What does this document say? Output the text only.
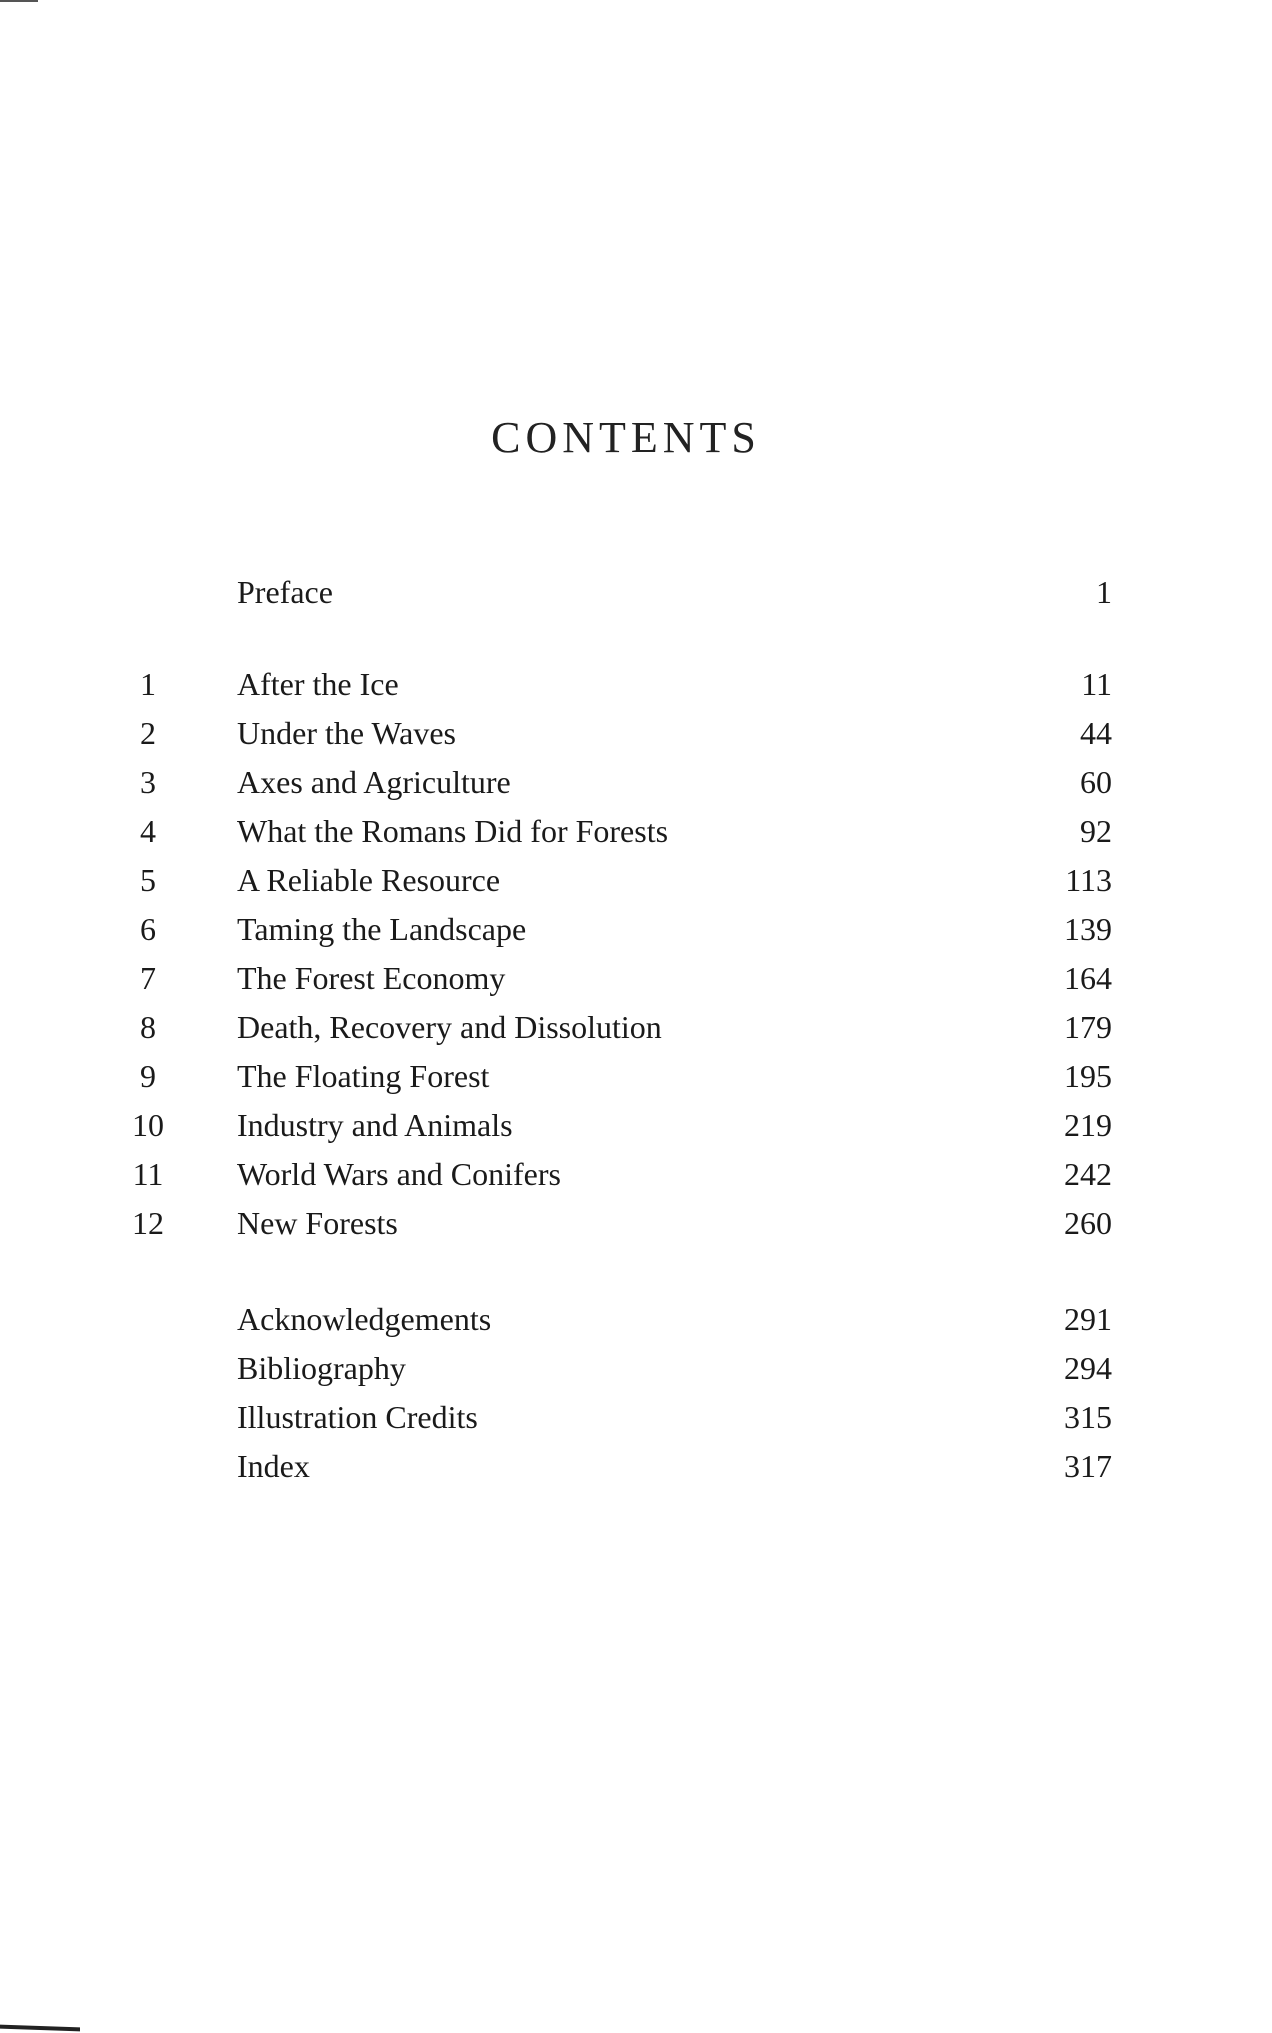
CONTENTS
Preface	1
1	After the Ice	11
2	Under the Waves	44
3	Axes and Agriculture	60
4	What the Romans Did for Forests	92
5	A Reliable Resource	113
6	Taming the Landscape	139
7	The Forest Economy	164
8	Death, Recovery and Dissolution	179
9	The Floating Forest	195
10 Industry and Animals	219
11 World Wars and Conifers	242
12 New Forests	260
Acknowledgements	291
Bibliography	294
Illustration Credits	315
Index	317
